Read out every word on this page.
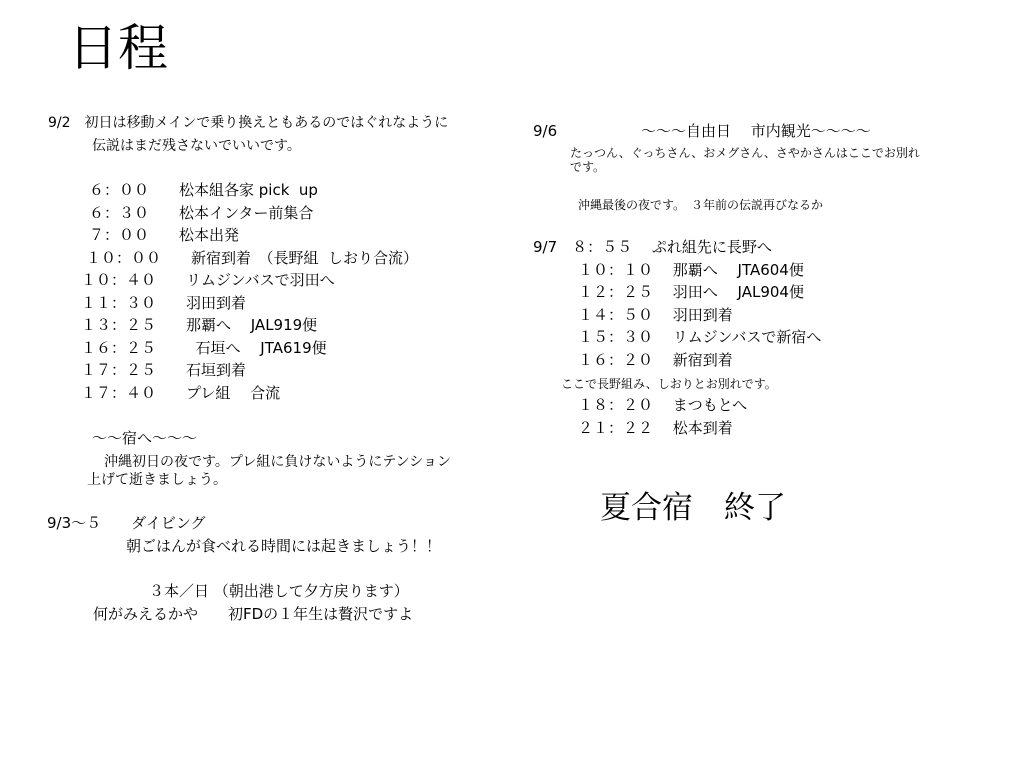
日程
9/2　初日は移動メインで乗り換えともあるのではぐれなように
伝説はまだ残さないでいいです。
６：００　　松本組各家 pick  up
６：３０　　松本インター前集合
７：００　　松本出発
１０：００　　新宿到着　（長野組  しおり合流）
１０：４０　　リムジンバスで羽田へ
１１：３０　　羽田到着
１３：２５　　那覇へ　 JAL919便
１６：２５　　  石垣へ　 JTA619便
１７：２５　　石垣到着
１７：４０　　プレ組　 合流
～～宿へ～～～
沖縄初日の夜です。プレ組に負けないようにテンション
上げて逝きましょう。
9/3～５　　ダイビング
朝ごはんが食べれる時間には起きましょう！！
３本／日 （朝出港して夕方戻ります）
何がみえるかや　　初FDの１年生は贅沢ですよ
9/6	～～～自由日　 市内観光～～～～
たっつん、ぐっちさん、おメグさん、さやかさんはここでお別れ
です。
沖縄最後の夜です。　３年前の伝説再びなるか
9/7　８：５５　 ぷれ組先に長野へ
１０：１０　 那覇へ　 JTA604便
１２：２５　 羽田へ　 JAL904便
１４：５０　 羽田到着
１５：３０　 リムジンバスで新宿へ
１６：２０　 新宿到着
ここで長野組み、しおりとお別れです。
１８：２０　 まつもとへ
２１：２２　 松本到着
夏合宿　終了
